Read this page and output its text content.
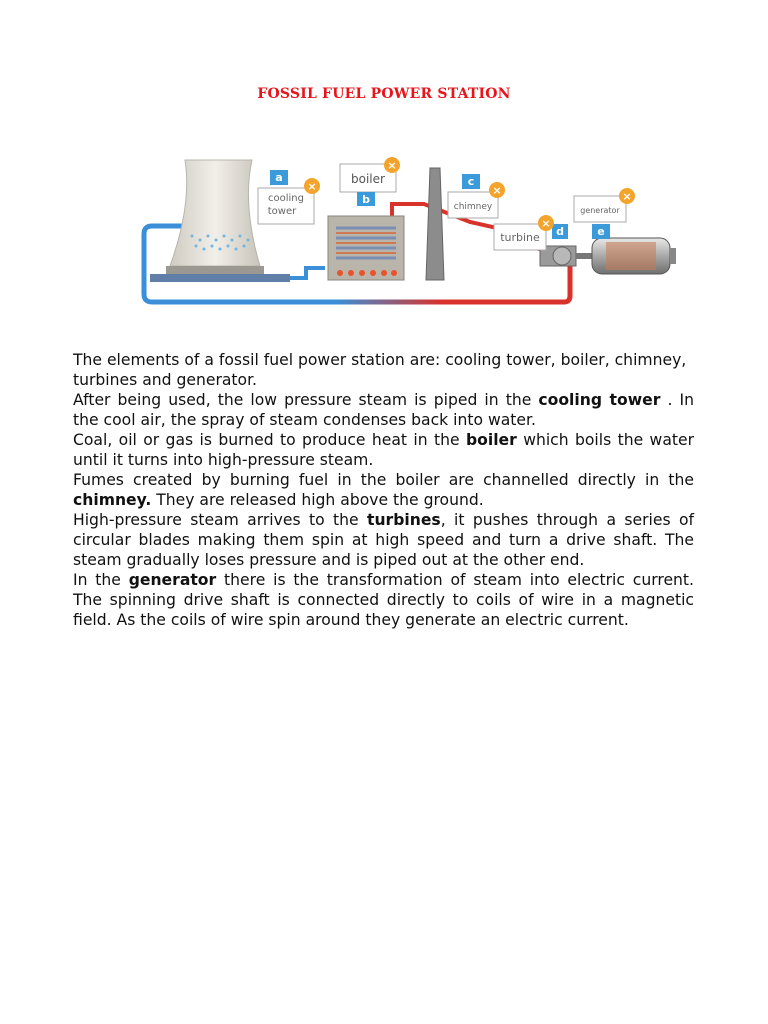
FOSSIL FUEL POWER STATION
cooling
tower
a
×
boiler
b
×
chimney
c
×
turbine d
×
generator
e
×

The elements of a fossil fuel power station are: cooling tower, boiler, chimney, turbines and generator.

After being used, the low pressure steam is piped in the cooling tower . In the cool air, the spray of steam condenses back into water.

Coal, oil or gas is burned to produce heat in the boiler which boils the water until it turns into high-pressure steam.

Fumes created by burning fuel in the boiler are channelled directly in the chimney. They are released high above the ground.

High-pressure steam arrives to the turbines, it pushes through a series of circular blades making them spin at high speed and turn a drive shaft. The steam gradually loses pressure and is piped out at the other end.

In the generator there is the transformation of steam into electric current. The spinning drive shaft is connected directly to coils of wire in a magnetic field. As the coils of wire spin around they generate an electric current.
